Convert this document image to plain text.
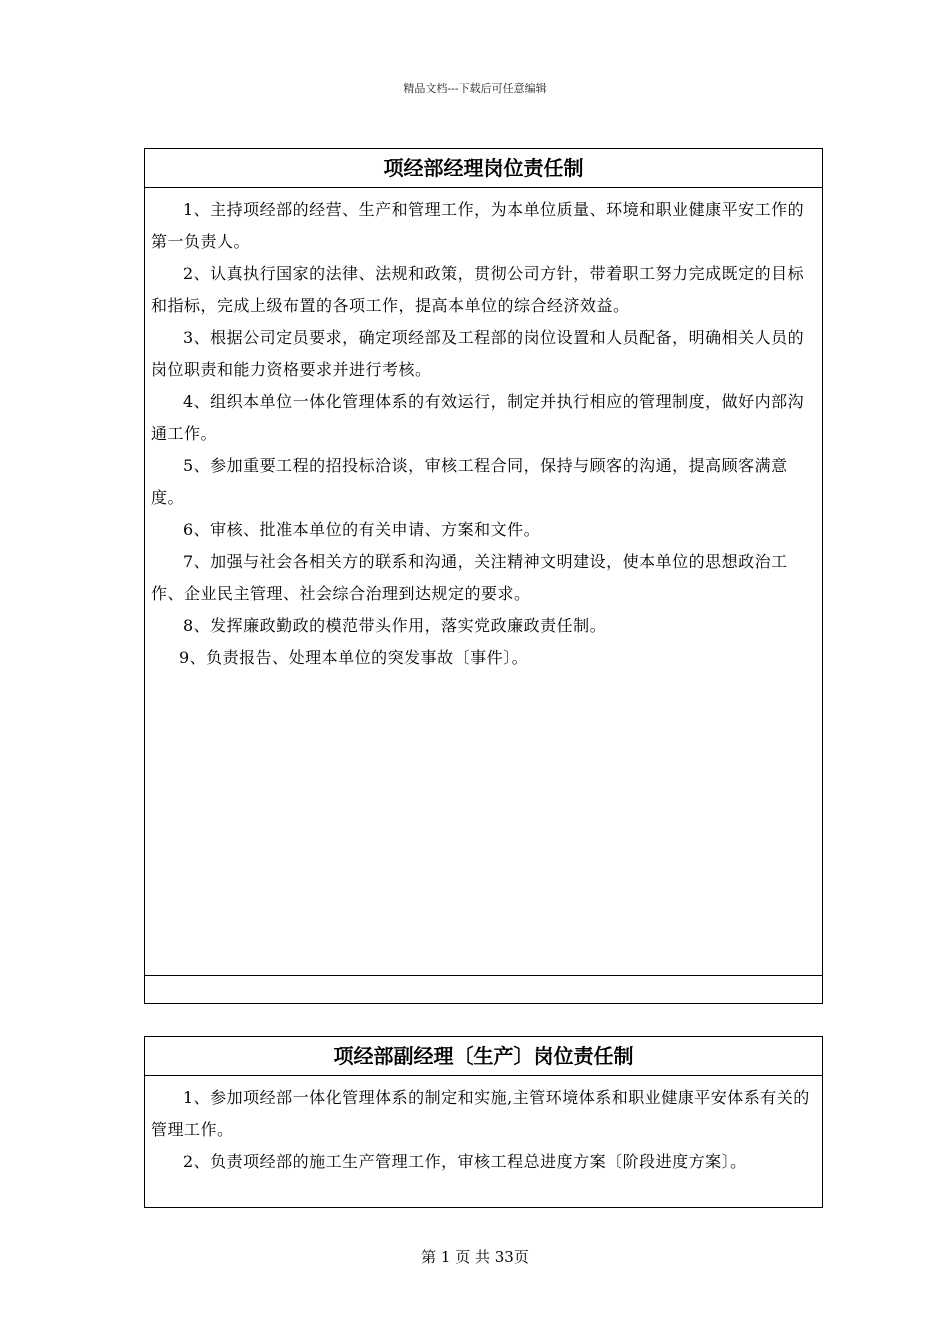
精品文档---下载后可任意编辑
项经部经理岗位责任制

1、主持项经部的经营、生产和管理工作，为本单位质量、环境和职业健康平安工作的第一负责人。

2、认真执行国家的法律、法规和政策，贯彻公司方针，带着职工努力完成既定的目标和指标，完成上级布置的各项工作，提高本单位的综合经济效益。

3、根据公司定员要求，确定项经部及工程部的岗位设置和人员配备，明确相关人员的岗位职责和能力资格要求并进行考核。

4、组织本单位一体化管理体系的有效运行，制定并执行相应的管理制度，做好内部沟通工作。

5、参加重要工程的招投标洽谈，审核工程合同，保持与顾客的沟通，提高顾客满意度。

6、审核、批准本单位的有关申请、方案和文件。

7、加强与社会各相关方的联系和沟通，关注精神文明建设，使本单位的思想政治工作、企业民主管理、社会综合治理到达规定的要求。

8、发挥廉政勤政的模范带头作用，落实党政廉政责任制。

9、负责报告、处理本单位的突发事故〔事件〕。

项经部副经理〔生产〕岗位责任制

1、参加项经部一体化管理体系的制定和实施,主管环境体系和职业健康平安体系有关的管理工作。

2、负责项经部的施工生产管理工作，审核工程总进度方案〔阶段进度方案〕。

第 1 页 共 33页
